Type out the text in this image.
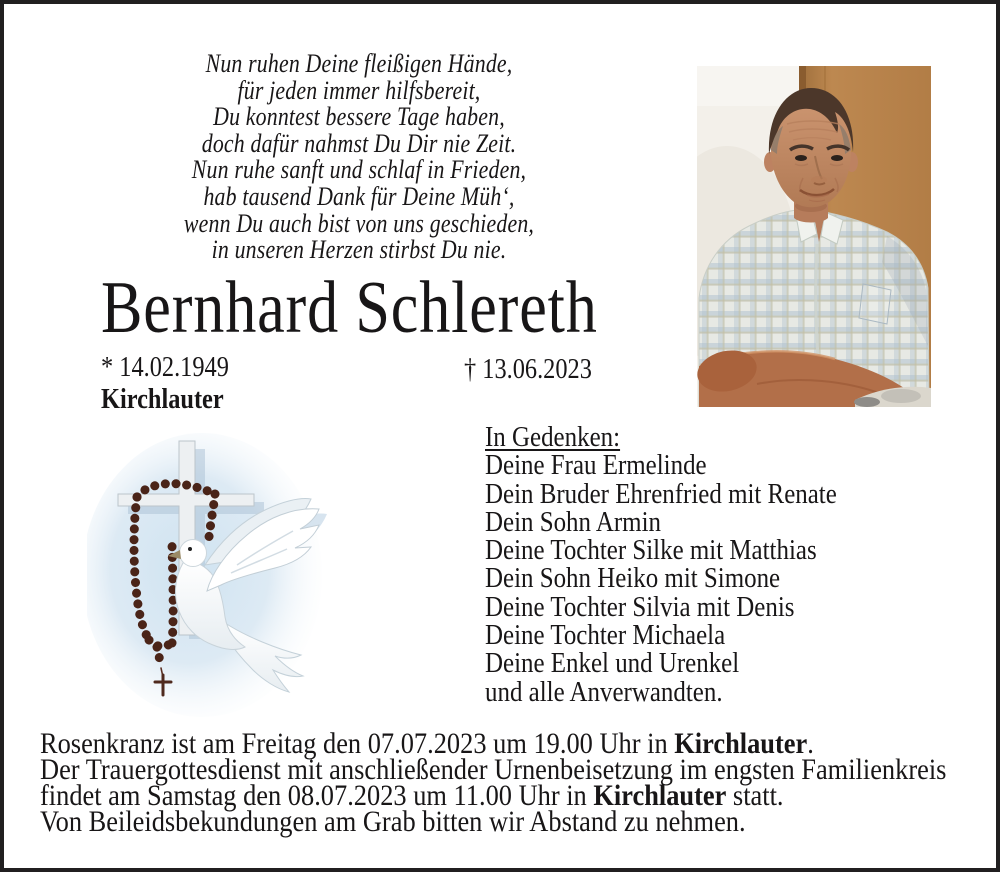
Nun ruhen Deine fleißigen Hände,
für jeden immer hilfsbereit,
Du konntest bessere Tage haben,
doch dafür nahmst Du Dir nie Zeit.
Nun ruhe sanft und schlaf in Frieden,
hab tausend Dank für Deine Müh‘,
wenn Du auch bist von uns geschieden,
in unseren Herzen stirbst Du nie.
Bernhard Schlereth
* 14.02.1949	† 13.06.2023
Kirchlauter
In Gedenken:
Deine Frau Ermelinde
Dein Bruder Ehrenfried mit Renate
Dein Sohn Armin
Deine Tochter Silke mit Matthias
Dein Sohn Heiko mit Simone
Deine Tochter Silvia mit Denis
Deine Tochter Michaela
Deine Enkel und Urenkel
und alle Anverwandten.
Rosenkranz ist am Freitag den 07.07.2023 um 19.00 Uhr in Kirchlauter.
Der Trauergottesdienst mit anschließender Urnenbeisetzung im engsten Familienkreis
findet am Samstag den 08.07.2023 um 11.00 Uhr in Kirchlauter statt.
Von Beileidsbekundungen am Grab bitten wir Abstand zu nehmen.
